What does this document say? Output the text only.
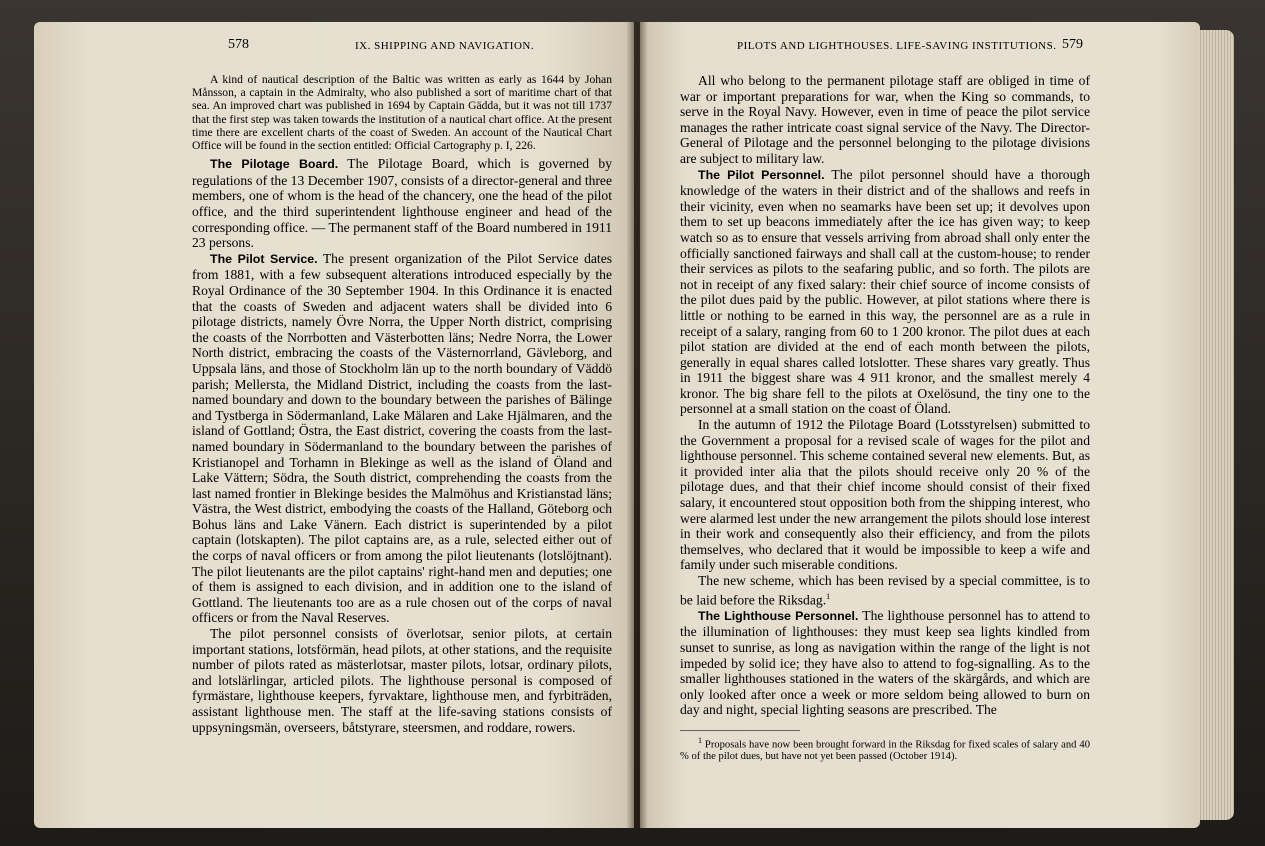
578	IX. SHIPPING AND NAVIGATION.	PILOTS AND LIGHTHOUSES. LIFE-SAVING INSTITUTIONS. 579

A kind of nautical description of the Baltic was written as early as 1644 by Johan Månsson, a captain in the Admiralty, who also published a sort of maritime chart of that sea. An improved chart was published in 1694 by Captain Gädda, but it was not till 1737 that the first step was taken towards the institution of a nautical chart office. At the present time there are excellent charts of the coast of Sweden. An account of the Nautical Chart Office will be found in the section entitled: Official Cartography p. I, 226.

The Pilotage Board. The Pilotage Board, which is governed by regulations of the 13 December 1907, consists of a director-general and three members, one of whom is the head of the chancery, one the head of the pilot office, and the third superintendent lighthouse engineer and head of the corresponding office. — The permanent staff of the Board numbered in 1911 23 persons.

The Pilot Service. The present organization of the Pilot Service dates from 1881, with a few subsequent alterations introduced especially by the Royal Ordinance of the 30 September 1904. In this Ordinance it is enacted that the coasts of Sweden and adjacent waters shall be divided into 6 pilotage districts, namely Övre Norra, the Upper North district, comprising the coasts of the Norrbotten and Västerbotten läns; Nedre Norra, the Lower North district, embracing the coasts of the Västernorrland, Gävleborg, and Uppsala läns, and those of Stockholm län up to the north boundary of Väddö parish; Mellersta, the Midland District, including the coasts from the last-named boundary and down to the boundary between the parishes of Bälinge and Tystberga in Södermanland, Lake Mälaren and Lake Hjälmaren, and the island of Gottland; Östra, the East district, covering the coasts from the last-named boundary in Södermanland to the boundary between the parishes of Kristianopel and Torhamn in Blekinge as well as the island of Öland and Lake Vättern; Södra, the South district, comprehending the coasts from the last named frontier in Blekinge besides the Malmöhus and Kristianstad läns; Västra, the West district, embodying the coasts of the Halland, Göteborg och Bohus läns and Lake Vänern. Each district is superintended by a pilot captain (lotskapten). The pilot captains are, as a rule, selected either out of the corps of naval officers or from among the pilot lieutenants (lotslöjtnant). The pilot lieutenants are the pilot captains' right-hand men and deputies; one of them is assigned to each division, and in addition one to the island of Gottland. The lieutenants too are as a rule chosen out of the corps of naval officers or from the Naval Reserves.

The pilot personnel consists of överlotsar, senior pilots, at certain important stations, lotsförmän, head pilots, at other stations, and the requisite number of pilots rated as mästerlotsar, master pilots, lotsar, ordinary pilots, and lotslärlingar, articled pilots. The lighthouse personal is composed of fyrmästare, lighthouse keepers, fyrvaktare, lighthouse men, and fyrbiträden, assistant lighthouse men. The staff at the life-saving stations consists of uppsyningsmän, overseers, båtstyrare, steersmen, and roddare, rowers.

All who belong to the permanent pilotage staff are obliged in time of war or important preparations for war, when the King so commands, to serve in the Royal Navy. However, even in time of peace the pilot service manages the rather intricate coast signal service of the Navy. The Director-General of Pilotage and the personnel belonging to the pilotage divisions are subject to military law.

The Pilot Personnel. The pilot personnel should have a thorough knowledge of the waters in their district and of the shallows and reefs in their vicinity, even when no seamarks have been set up; it devolves upon them to set up beacons immediately after the ice has given way; to keep watch so as to ensure that vessels arriving from abroad shall only enter the officially sanctioned fairways and shall call at the custom-house; to render their services as pilots to the seafaring public, and so forth. The pilots are not in receipt of any fixed salary: their chief source of income consists of the pilot dues paid by the public. However, at pilot stations where there is little or nothing to be earned in this way, the personnel are as a rule in receipt of a salary, ranging from 60 to 1 200 kronor. The pilot dues at each pilot station are divided at the end of each month between the pilots, generally in equal shares called lotslotter. These shares vary greatly. Thus in 1911 the biggest share was 4 911 kronor, and the smallest merely 4 kronor. The big share fell to the pilots at Oxelösund, the tiny one to the personnel at a small station on the coast of Öland.

In the autumn of 1912 the Pilotage Board (Lotsstyrelsen) submitted to the Government a proposal for a revised scale of wages for the pilot and lighthouse personnel. This scheme contained several new elements. But, as it provided inter alia that the pilots should receive only 20 % of the pilotage dues, and that their chief income should consist of their fixed salary, it encountered stout opposition both from the shipping interest, who were alarmed lest under the new arrangement the pilots should lose interest in their work and consequently also their efficiency, and from the pilots themselves, who declared that it would be impossible to keep a wife and family under such miserable conditions.

The new scheme, which has been revised by a special committee, is to be laid before the Riksdag.$^1$

The Lighthouse Personnel. The lighthouse personnel has to attend to the illumination of lighthouses: they must keep sea lights kindled from sunset to sunrise, as long as navigation within the range of the light is not impeded by solid ice; they have also to attend to fog-signalling. As to the smaller lighthouses stationed in the waters of the skärgårds, and which are only looked after once a week or more seldom being allowed to burn on day and night, special lighting seasons are prescribed. The

$^1$ Proposals have now been brought forward in the Riksdag for fixed scales of salary and 40 % of the pilot dues, but have not yet been passed (October 1914).
